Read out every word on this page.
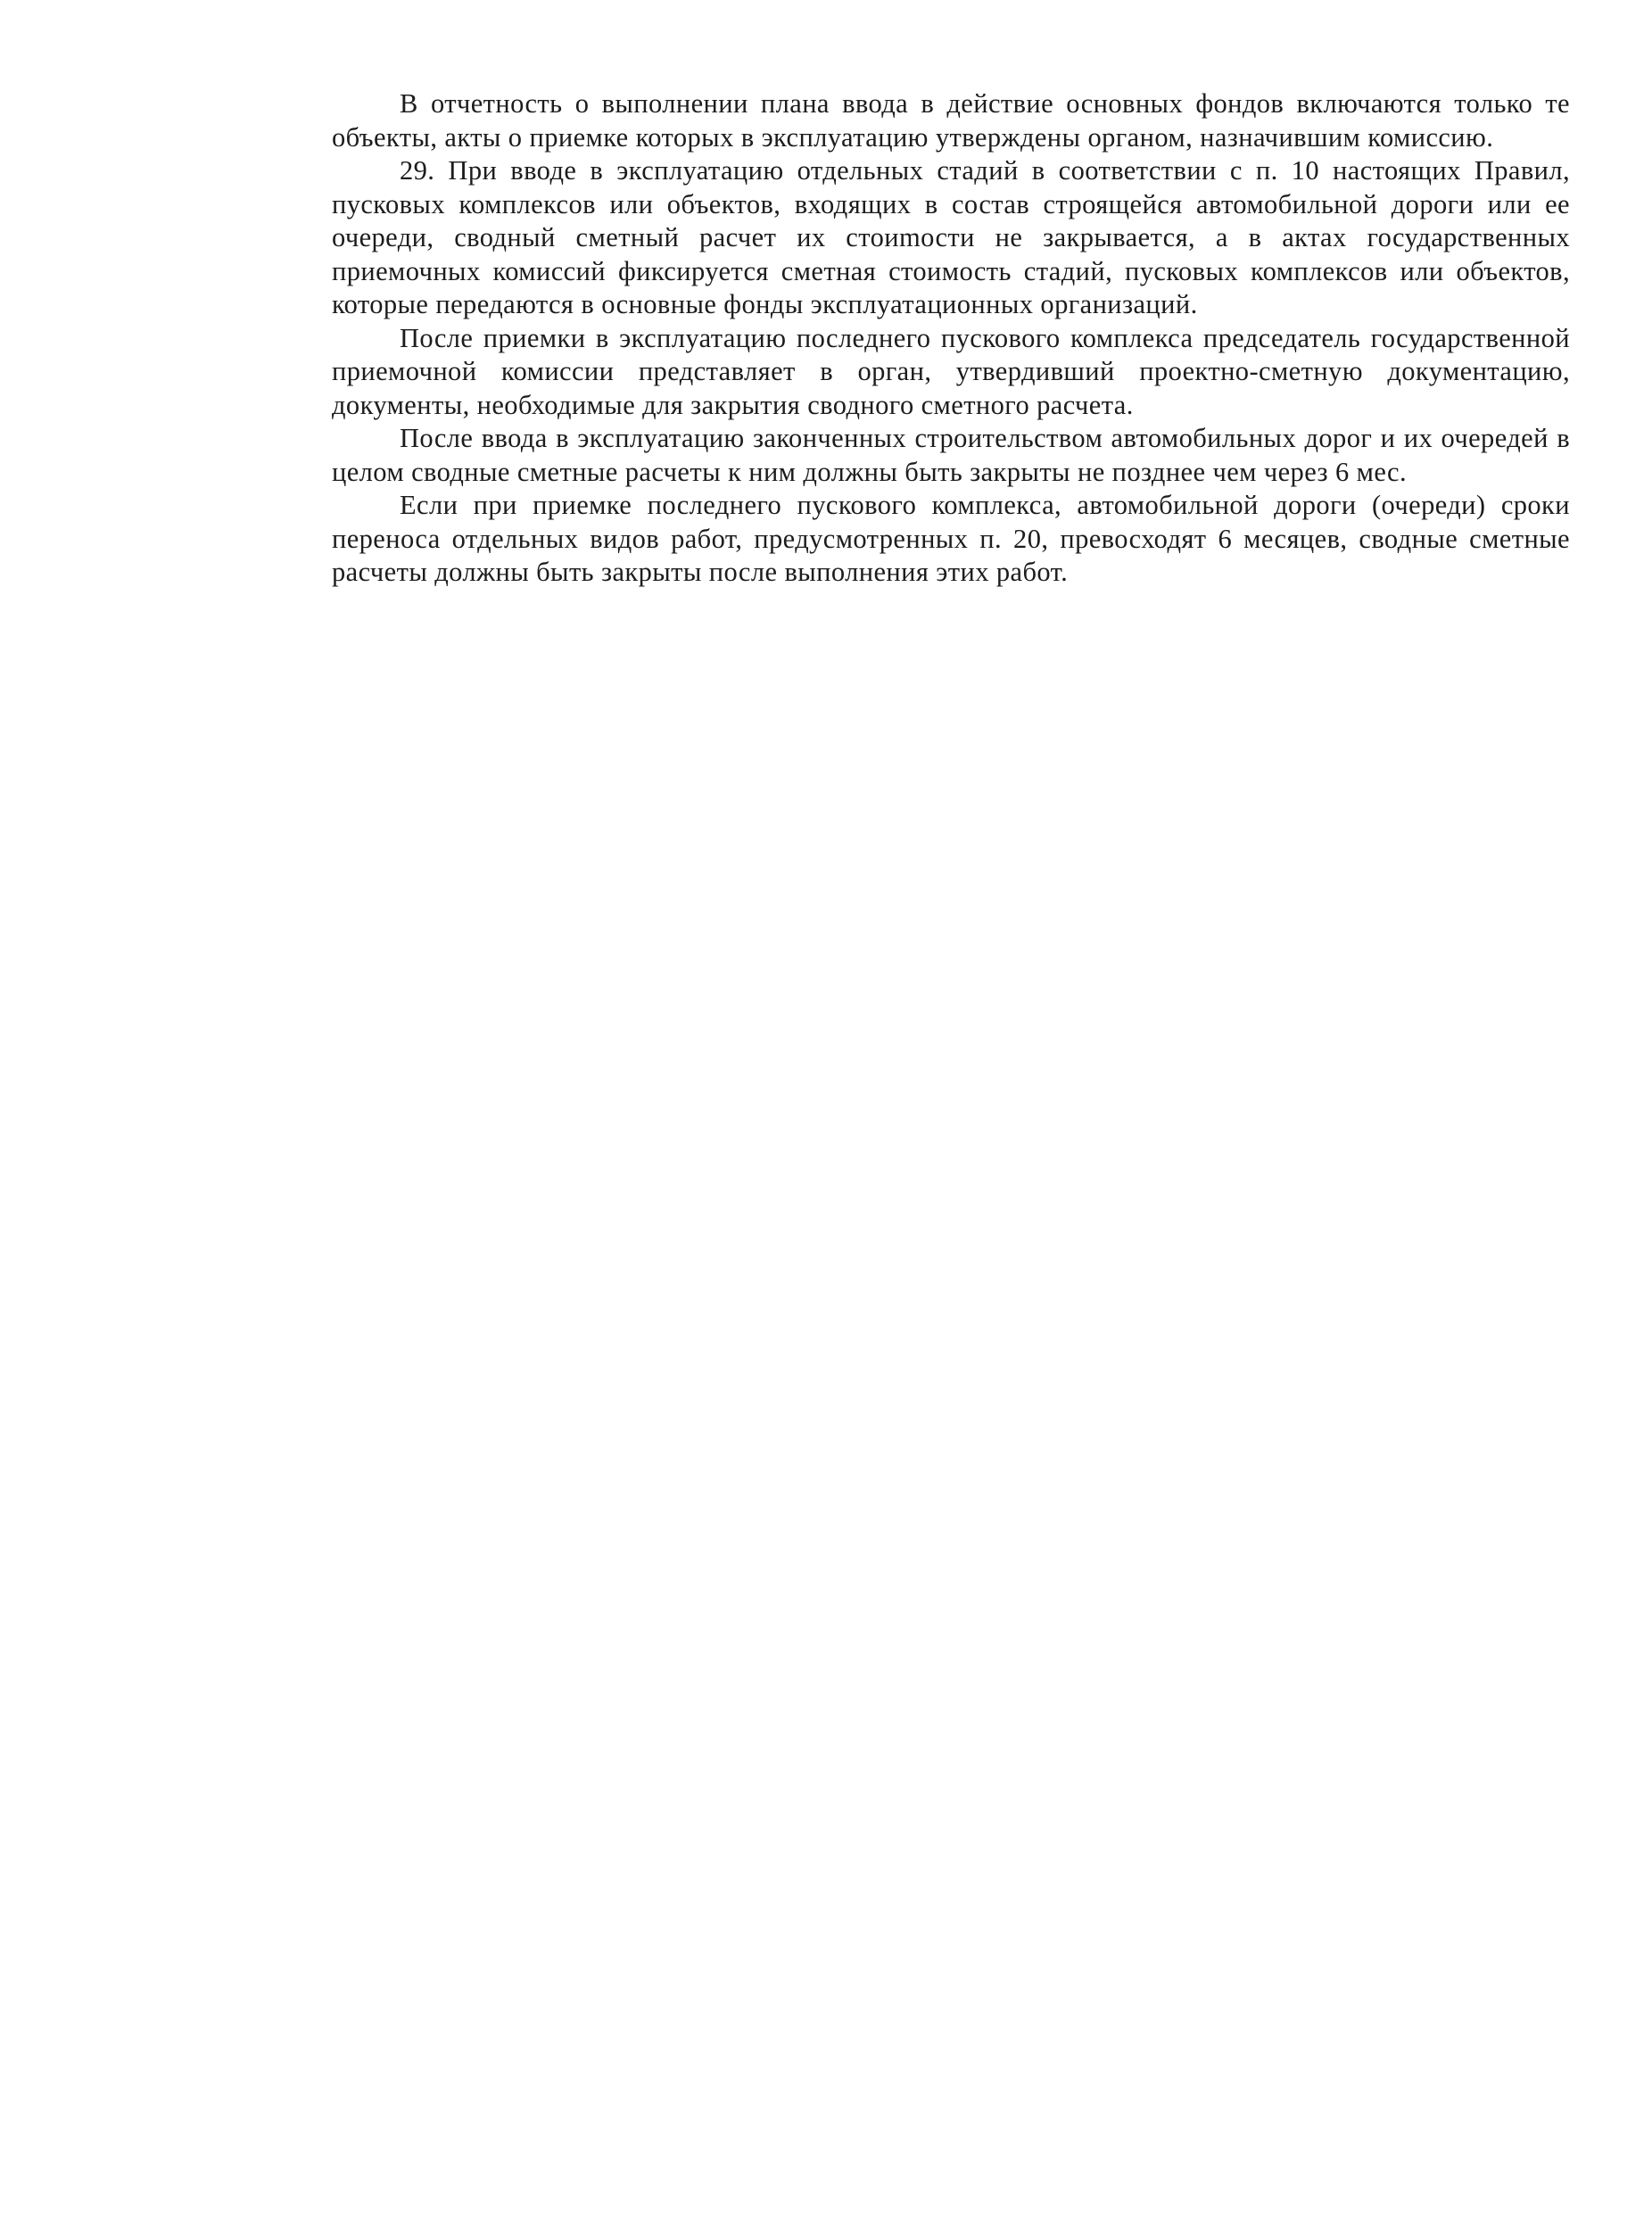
В отчетность о выполнении плана ввода в действие основных фондов включаются только те объекты, акты о приемке которых в эксплуатацию утверждены органом, назначившим комиссию.

29. При вводе в эксплуатацию отдельных стадий в соответствии с п. 10 настоящих Правил, пусковых комплексов или объектов, входящих в состав строящейся автомобильной дороги или ее очереди, сводный сметный расчет их стоиmости не закрывается, а в актах государственных приемочных комиссий фиксируется сметная стоимость стадий, пусковых комплексов или объектов, которые передаются в основные фонды эксплуатационных организаций.

После приемки в эксплуатацию последнего пускового комплекса председатель государственной приемочной комиссии представляет в орган, утвердивший проектно-сметную документацию, документы, необходимые для закрытия сводного сметного расчета.

После ввода в эксплуатацию законченных строительством автомобильных дорог и их очередей в целом сводные сметные расчеты к ним должны быть закрыты не позднее чем через 6 мес.

Если при приемке последнего пускового комплекса, автомобильной дороги (очереди) сроки переноса отдельных видов работ, предусмотренных п. 20, превосходят 6 месяцев, сводные сметные расчеты должны быть закрыты после выполнения этих работ.
